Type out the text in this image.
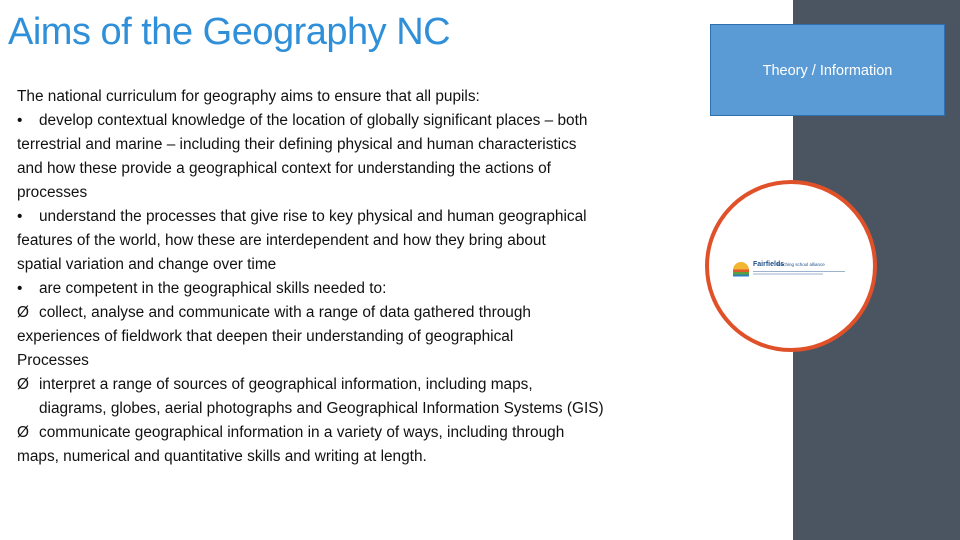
Aims of the Geography NC
The national curriculum for geography aims to ensure that all pupils:
• develop contextual knowledge of the location of globally significant places – both
terrestrial and marine – including their defining physical and human characteristics
and how these provide a geographical context for understanding the actions of
processes
• understand the processes that give rise to key physical and human geographical
features of the world, how these are interdependent and how they bring about
spatial variation and change over time
• are competent in the geographical skills needed to:
Ø collect, analyse and communicate with a range of data gathered through
experiences of fieldwork that deepen their understanding of geographical
Processes
Ø interpret a range of sources of geographical information, including maps,
diagrams, globes, aerial photographs and Geographical Information Systems (GIS)
Ø communicate geographical information in a variety of ways, including through
maps, numerical and quantitative skills and writing at length.
Theory / Information
Fairfields
teaching school alliance
